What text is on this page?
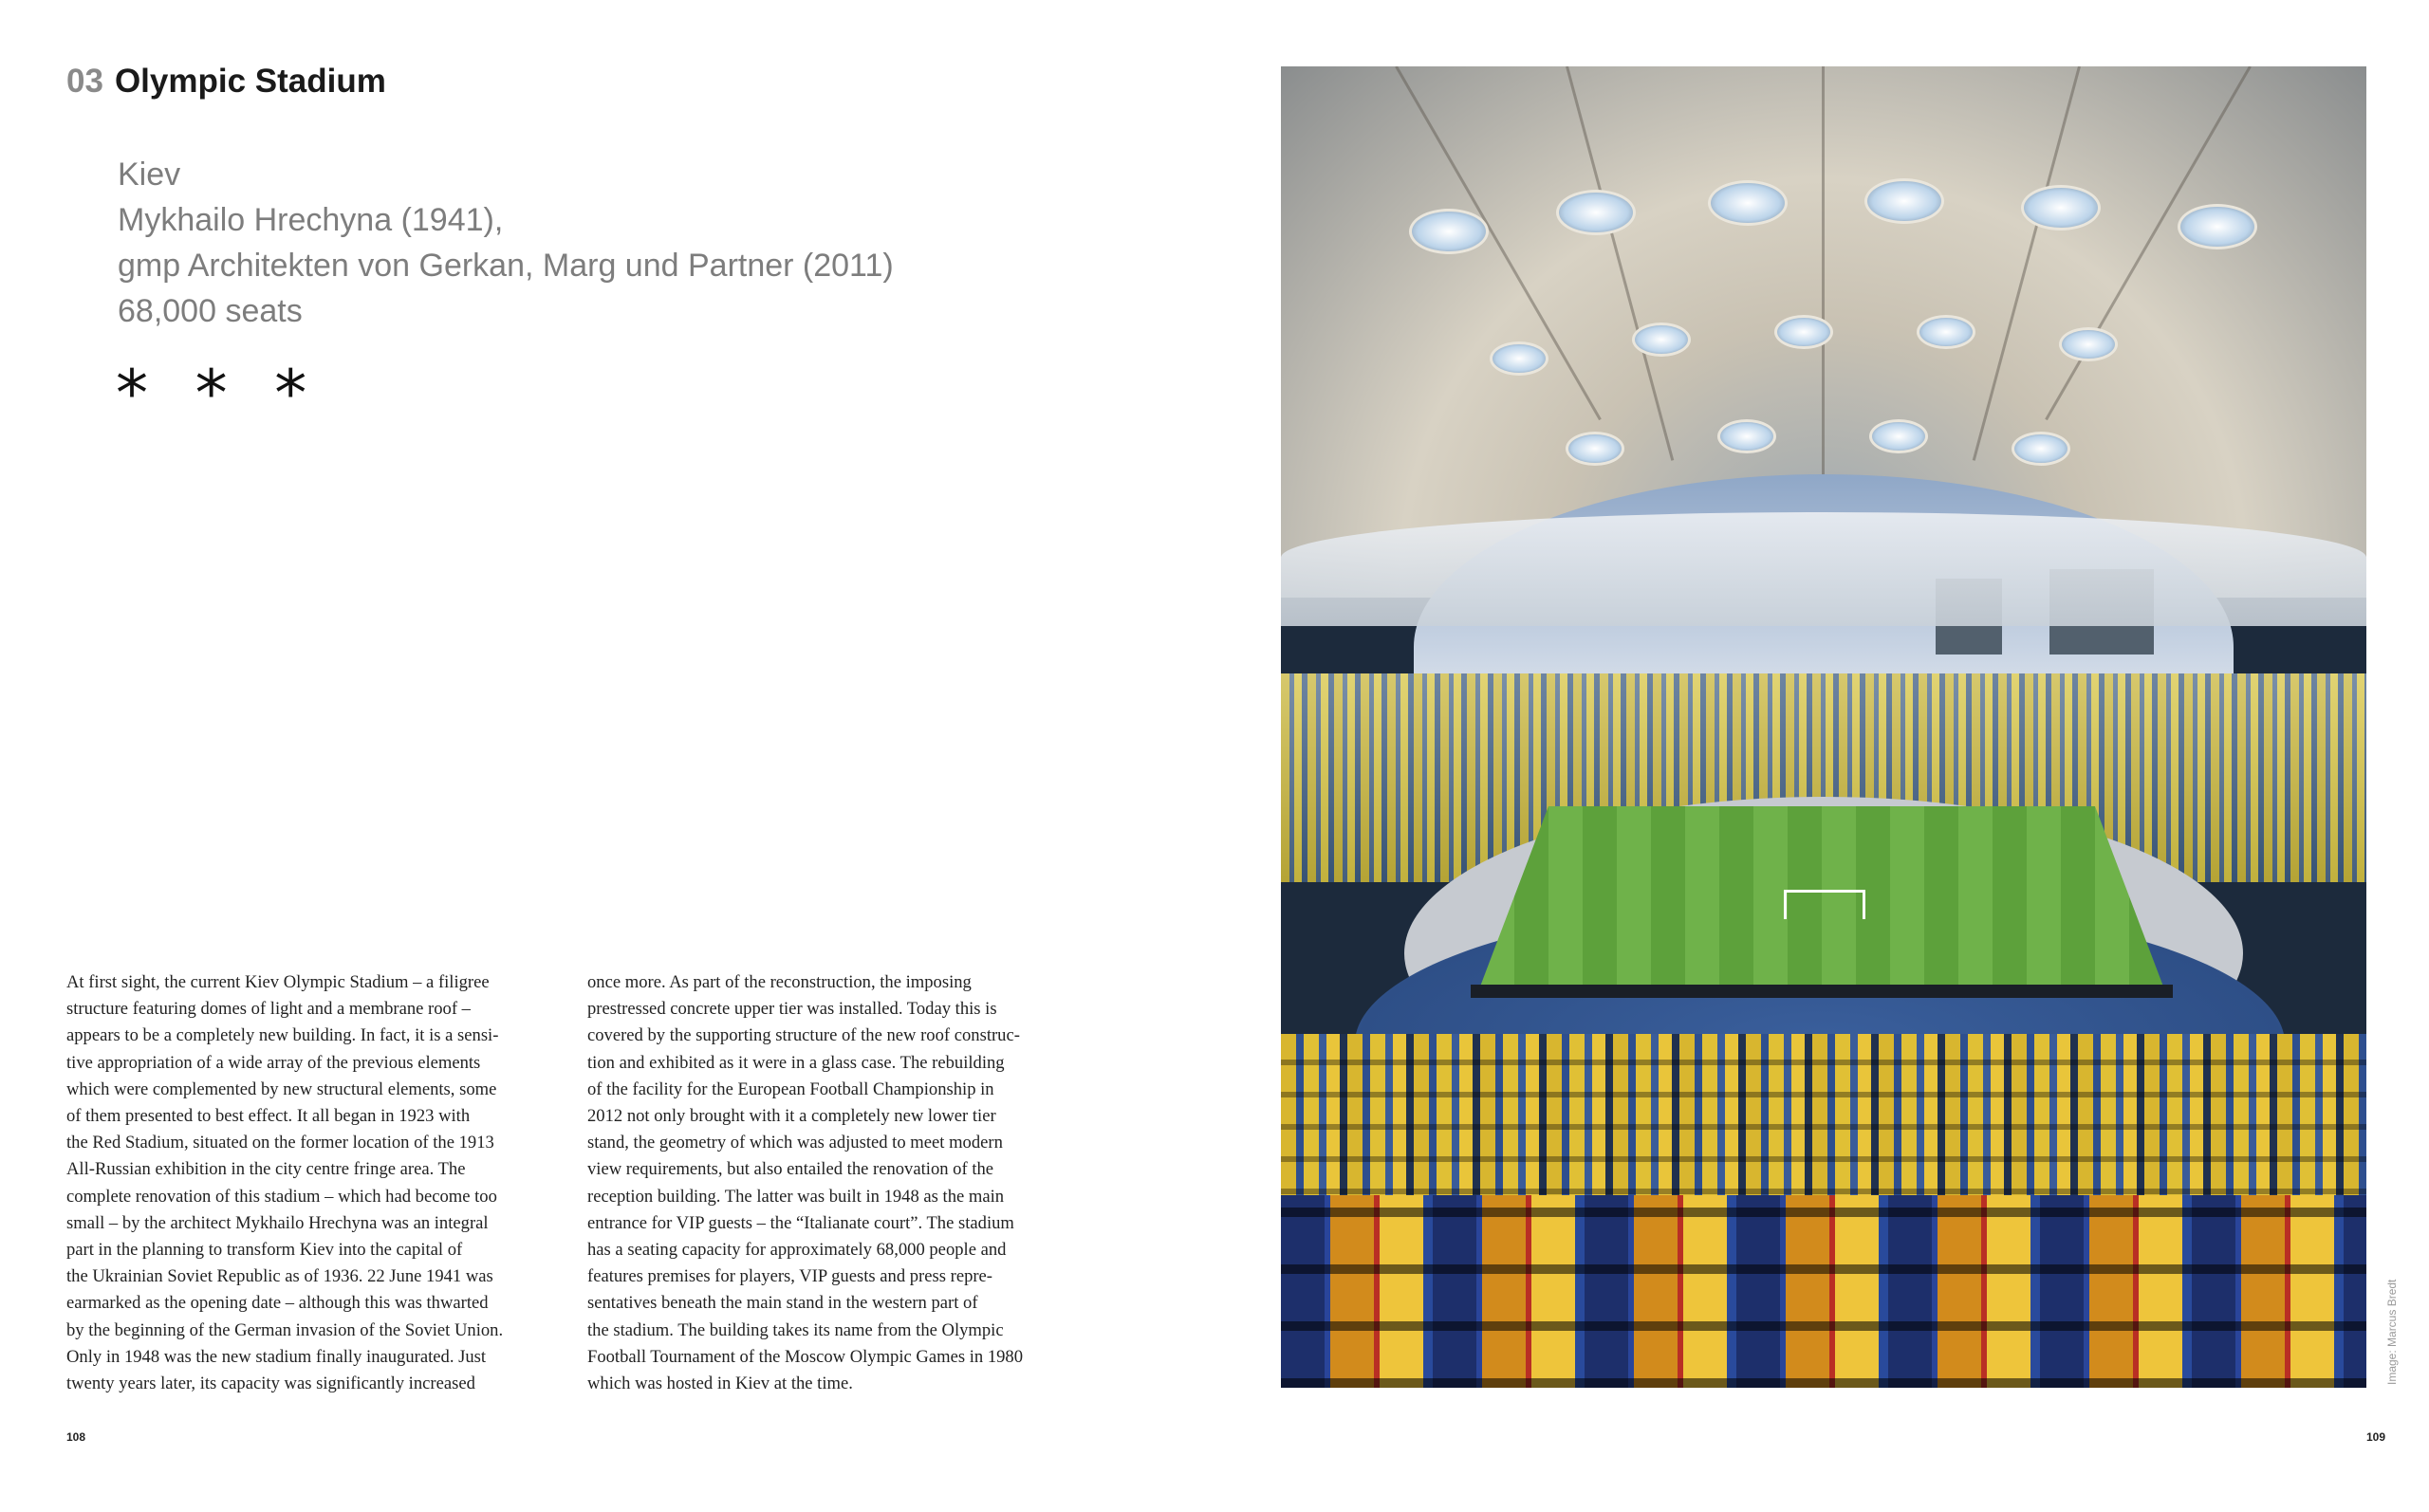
03 Olympic Stadium
Kiev
Mykhailo Hrechyna (1941),
gmp Architekten von Gerkan, Marg und Partner (2011)
68,000 seats
* * *
At first sight, the current Kiev Olympic Stadium – a filigree
structure featuring domes of light and a membrane roof –
appears to be a completely new building. In fact, it is a sensi-
tive appropriation of a wide array of the previous elements
which were complemented by new structural elements, some
of them presented to best effect. It all began in 1923 with
the Red Stadium, situated on the former location of the 1913
All-Russian exhibition in the city centre fringe area. The
complete renovation of this stadium – which had become too
small – by the architect Mykhailo Hrechyna was an integral
part in the planning to transform Kiev into the capital of
the Ukrainian Soviet Republic as of 1936. 22 June 1941 was
earmarked as the opening date – although this was thwarted
by the beginning of the German invasion of the Soviet Union.
Only in 1948 was the new stadium finally inaugurated. Just
twenty years later, its capacity was significantly increased
once more. As part of the reconstruction, the imposing
prestressed concrete upper tier was installed. Today this is
covered by the supporting structure of the new roof construc-
tion and exhibited as it were in a glass case. The rebuilding
of the facility for the European Football Championship in
2012 not only brought with it a completely new lower tier
stand, the geometry of which was adjusted to meet modern
view requirements, but also entailed the renovation of the
reception building. The latter was built in 1948 as the main
entrance for VIP guests – the “Italianate court”. The stadium
has a seating capacity for approximately 68,000 people and
features premises for players, VIP guests and press repre-
sentatives beneath the main stand in the western part of
the stadium. The building takes its name from the Olympic
Football Tournament of the Moscow Olympic Games in 1980
which was hosted in Kiev at the time.
108
Image: Marcus Bredt
109
